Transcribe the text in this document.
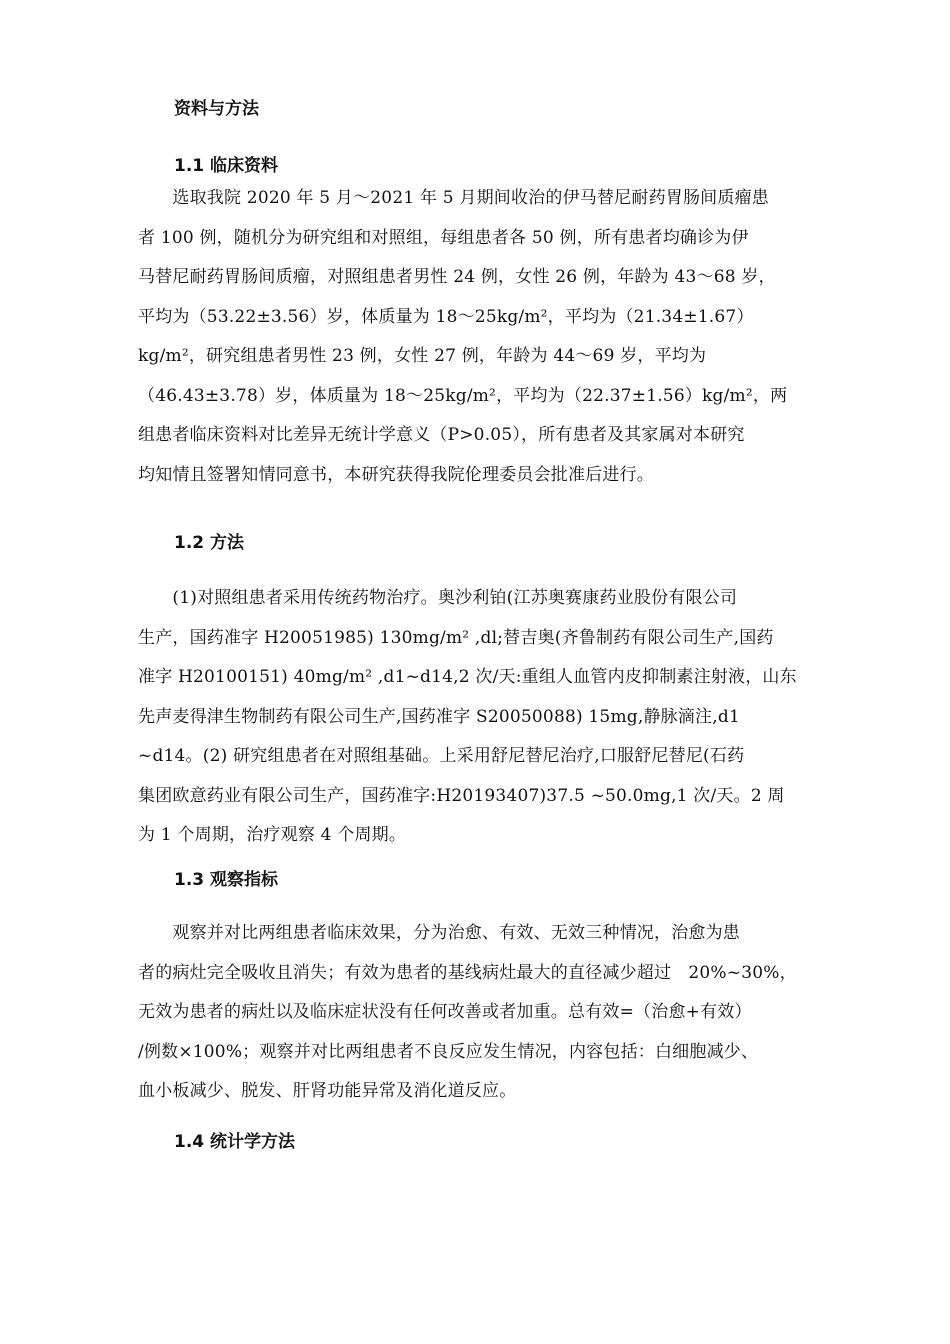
资料与方法
1.1 临床资料
　　选取我院 2020 年 5 月～2021 年 5 月期间收治的伊马替尼耐药胃肠间质瘤患
者 100 例，随机分为研究组和对照组，每组患者各 50 例，所有患者均确诊为伊
马替尼耐药胃肠间质瘤，对照组患者男性 24 例，女性 26 例，年龄为 43～68 岁，
平均为（53.22±3.56）岁，体质量为 18～25kg/m²，平均为（21.34±1.67）
kg/m²，研究组患者男性 23 例，女性 27 例，年龄为 44～69 岁，平均为
（46.43±3.78）岁，体质量为 18～25kg/m²，平均为（22.37±1.56）kg/m²，两
组患者临床资料对比差异无统计学意义（P>0.05），所有患者及其家属对本研究
均知情且签署知情同意书，本研究获得我院伦理委员会批准后进行。
1.2 方法
　　(1)对照组患者采用传统药物治疗。奥沙利铂(江苏奥赛康药业股份有限公司
生产，国药准字 H20051985) 130mg/m² ,dl;替吉奥(齐鲁制药有限公司生产,国药
准字 H20100151) 40mg/m² ,d1~d14,2 次/天:重组人血管内皮抑制素注射液，山东
先声麦得津生物制药有限公司生产,国药准字 S20050088) 15mg,静脉滴注,d1
~d14。(2) 研究组患者在对照组基础。上采用舒尼替尼治疗,口服舒尼替尼(石药
集团欧意药业有限公司生产，国药准字:H20193407)37.5 ~50.0mg,1 次/天。2 周
为 1 个周期，治疗观察 4 个周期。
1.3 观察指标
　　观察并对比两组患者临床效果，分为治愈、有效、无效三种情况，治愈为患
者的病灶完全吸收且消失；有效为患者的基线病灶最大的直径减少超过　20%~30%，
无效为患者的病灶以及临床症状没有任何改善或者加重。总有效=（治愈+有效）
/例数×100%；观察并对比两组患者不良反应发生情况，内容包括：白细胞减少、
血小板减少、脱发、肝肾功能异常及消化道反应。
1.4 统计学方法
